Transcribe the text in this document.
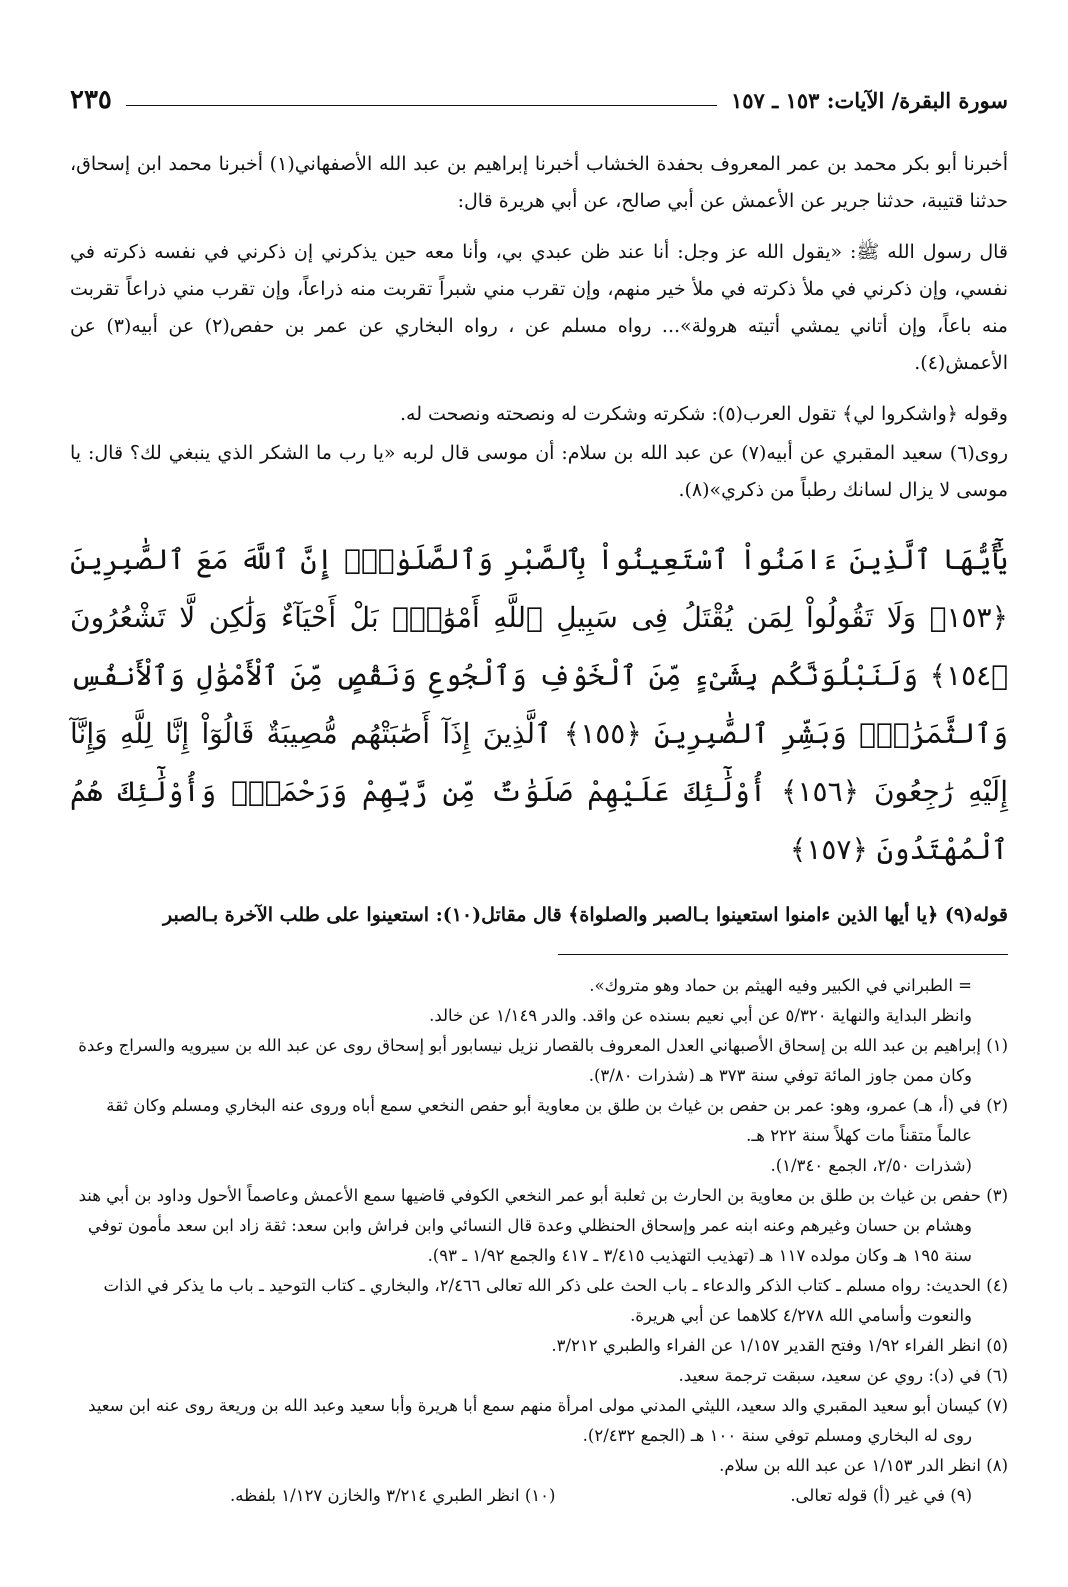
سورة البقرة/ الآيات: ١٥٣ ـ ١٥٧
٢٣٥

أخبرنا أبو بكر محمد بن عمر المعروف بحفدة الخشاب أخبرنا إبراهيم بن عبد الله الأصفهاني(١) أخبرنا محمد ابن إسحاق، حدثنا قتيبة، حدثنا جرير عن الأعمش عن أبي صالح، عن أبي هريرة قال:

قال رسول الله ﷺ: «يقول الله عز وجل: أنا عند ظن عبدي بي، وأنا معه حين يذكرني إن ذكرني في نفسه ذكرته في نفسي، وإن ذكرني في ملأ ذكرته في ملأ خير منهم، وإن تقرب مني شبراً تقربت منه ذراعاً، وإن تقرب مني ذراعاً تقربت منه باعاً، وإن أتاني يمشي أتيته هرولة»... رواه مسلم عن ، رواه البخاري عن عمر بن حفص(٢) عن أبيه(٣) عن الأعمش(٤).

وقوله ﴿واشكروا لي﴾ تقول العرب(٥): شكرته وشكرت له ونصحته ونصحت له.

روى(٦) سعيد المقبري عن أبيه(٧) عن عبد الله بن سلام: أن موسى قال لربه «يا رب ما الشكر الذي ينبغي لك؟ قال: يا موسى لا يزال لسانك رطباً من ذكري»(٨).

يَٰٓأَيُّهَا ٱلَّذِينَ ءَامَنُواْ ٱسْتَعِينُواْ بِٱلصَّبْرِ وَٱلصَّلَوٰةِۚ إِنَّ ٱللَّهَ مَعَ ٱلصَّٰبِرِينَ ﴿١٥٣﴾ وَلَا تَقُولُواْ لِمَن يُقْتَلُ فِى سَبِيلِ ٱللَّهِ أَمْوَٰتٌۢ بَلْ أَحْيَآءٌ وَلَٰكِن لَّا تَشْعُرُونَ ﴿١٥٤﴾ وَلَنَبْلُوَنَّكُم بِشَىْءٍ مِّنَ ٱلْخَوْفِ وَٱلْجُوعِ وَنَقْصٍ مِّنَ ٱلْأَمْوَٰلِ وَٱلْأَنفُسِ وَٱلثَّمَرَٰتِۗ وَبَشِّرِ ٱلصَّٰبِرِينَ ﴿١٥٥﴾ ٱلَّذِينَ إِذَآ أَصَٰبَتْهُم مُّصِيبَةٌ قَالُوٓاْ إِنَّا لِلَّهِ وَإِنَّآ إِلَيْهِ رَٰجِعُونَ ﴿١٥٦﴾ أُوْلَٰٓئِكَ عَلَيْهِمْ صَلَوَٰتٌ مِّن رَّبِّهِمْ وَرَحْمَةٌۖ وَأُوْلَٰٓئِكَ هُمُ ٱلْمُهْتَدُونَ ﴿١٥٧﴾

قوله(٩) ﴿يا أيها الذين ءامنوا استعينوا بـالصبر والصلواة﴾ قال مقاتل(١٠): استعينوا على طلب الآخرة بـالصبر

= الطبراني في الكبير وفيه الهيثم بن حماد وهو متروك».

وانظر البداية والنهاية ٥/٣٢٠ عن أبي نعيم بسنده عن واقد. والدر ١/١٤٩ عن خالد.

(١) إبراهيم بن عبد الله بن إسحاق الأصبهاني العدل المعروف بالقصار نزيل نيسابور أبو إسحاق روى عن عبد الله بن سيرويه والسراج وعدة وكان ممن جاوز المائة توفي سنة ٣٧٣ هـ (شذرات ٣/٨٠).

(٢) في (أ، هـ) عمرو، وهو: عمر بن حفص بن غياث بن طلق بن معاوية أبو حفص النخعي سمع أباه وروى عنه البخاري ومسلم وكان ثقة عالماً متقناً مات كهلاً سنة ٢٢٢ هـ.

(شذرات ٢/٥٠، الجمع ١/٣٤٠).

(٣) حفص بن غياث بن طلق بن معاوية بن الحارث بن ثعلبة أبو عمر النخعي الكوفي قاضيها سمع الأعمش وعاصماً الأحول وداود بن أبي هند وهشام بن حسان وغيرهم وعنه ابنه عمر وإسحاق الحنظلي وعدة قال النسائي وابن فراش وابن سعد: ثقة زاد ابن سعد مأمون توفي سنة ١٩٥ هـ وكان مولده ١١٧ هـ (تهذيب التهذيب ٣/٤١٥ ـ ٤١٧ والجمع ١/٩٢ ـ ٩٣).

(٤) الحديث: رواه مسلم ـ كتاب الذكر والدعاء ـ باب الحث على ذكر الله تعالى ٢/٤٦٦، والبخاري ـ كتاب التوحيد ـ باب ما يذكر في الذات والنعوت وأسامي الله ٤/٢٧٨ كلاهما عن أبي هريرة.

(٥) انظر الفراء ١/٩٢ وفتح القدير ١/١٥٧ عن الفراء والطبري ٣/٢١٢.

(٦) في (د): روي عن سعيد، سبقت ترجمة سعيد.

(٧) كيسان أبو سعيد المقبري والد سعيد، الليثي المدني مولى امرأة منهم سمع أبا هريرة وأبا سعيد وعبد الله بن وريعة روى عنه ابن سعيد روى له البخاري ومسلم توفي سنة ١٠٠ هـ (الجمع ٢/٤٣٢).

(٨) انظر الدر ١/١٥٣ عن عبد الله بن سلام.

(٩) في غير (أ) قوله تعالى.
(١٠) انظر الطبري ٣/٢١٤ والخازن ١/١٢٧ بلفظه.
